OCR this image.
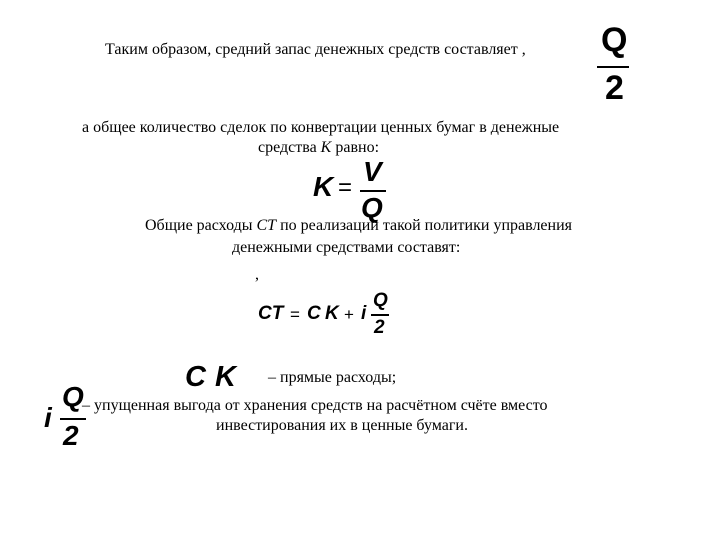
Таким образом, средний запас денежных средств составляет , Q
2
а общее количество сделок по конвертации ценных бумаг в денежные
средства K равно:
K =
V
Q
Общие расходы CT по реализации такой политики управления
денежными средствами составят:
,
CT = C K + i
Q
2
C K – прямые расходы;
i
Q
2
– упущенная выгода от хранения средств на расчётном счёте вместо
инвестирования их в ценные бумаги.
